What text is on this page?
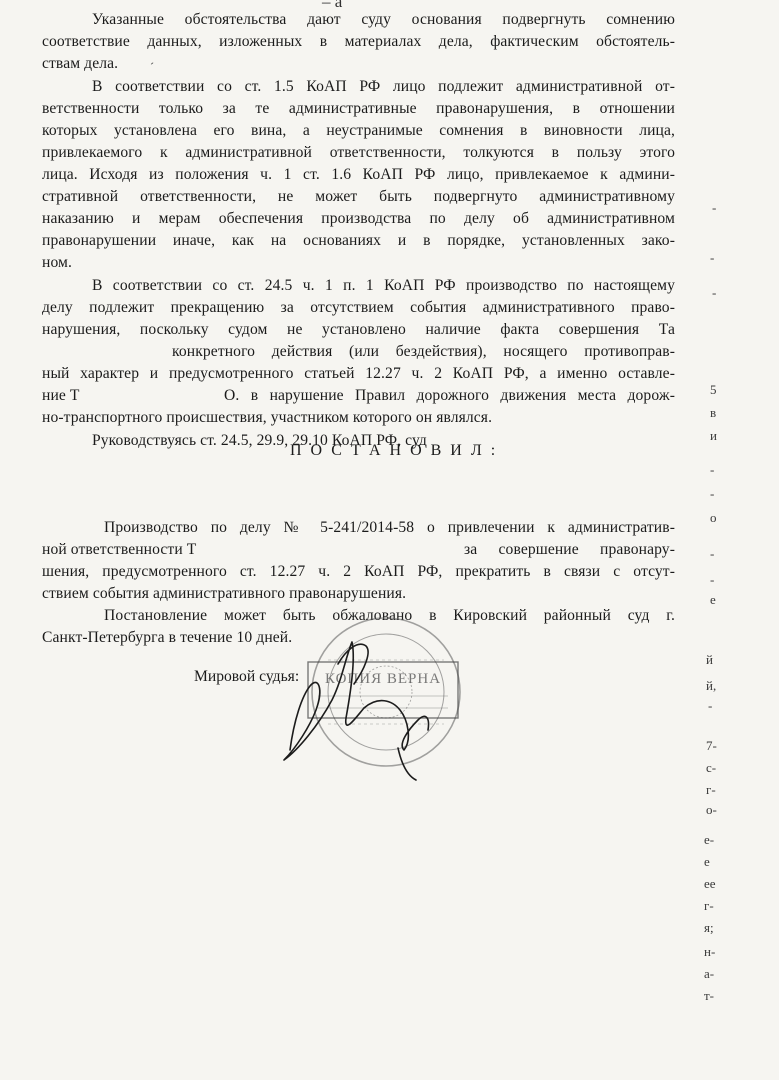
– а
´
Указанные обстоятельства дают суду основания подвергнуть сомнению
соответствие данных, изложенных в материалах дела, фактическим обстоятель-
ствам дела.
В соответствии со ст. 1.5 КоАП РФ лицо подлежит административной от-
ветственности только за те административные правонарушения, в отношении
которых установлена его вина, а неустранимые сомнения в виновности лица,
привлекаемого к административной ответственности, толкуются в пользу этого
лица. Исходя из положения ч. 1 ст. 1.6 КоАП РФ лицо, привлекаемое к админи-
стративной ответственности, не может быть подвергнуто административному
наказанию и мерам обеспечения производства по делу об административном
правонарушении иначе, как на основаниях и в порядке, установленных зако-
ном.
В соответствии со ст. 24.5 ч. 1 п. 1 КоАП РФ производство по настоящему
делу подлежит прекращению за отсутствием события административного право-
нарушения, поскольку судом не установлено наличие факта совершения Та
конкретного действия (или бездействия), носящего противоправ-
ный характер и предусмотренного статьей 12.27 ч. 2 КоАП РФ, а именно оставле-
ние Т	О. в нарушение Правил дорожного движения места дорож-
но-транспортного происшествия, участником которого он являлся.
Руководствуясь ст. 24.5, 29.9, 29.10 КоАП РФ, суд
ПОСТАНОВИЛ:
Производство по делу № 5-241/2014-58 о привлечении к административ-
ной ответственности Т	за совершение правонару-
шения, предусмотренного ст. 12.27 ч. 2 КоАП РФ, прекратить в связи с отсут-
ствием события административного правонарушения.
Постановление может быть обжаловано в Кировский районный суд г.
Санкт-Петербурга в течение 10 дней.
Мировой судья: КОПИЯ ВЕРНА
-
-
-
5
в
и
-
-
о
-
-
е
й
й,
-
7-
с-
г-
о-
е-
е
ее
г-
я;
н-
а-
т-
